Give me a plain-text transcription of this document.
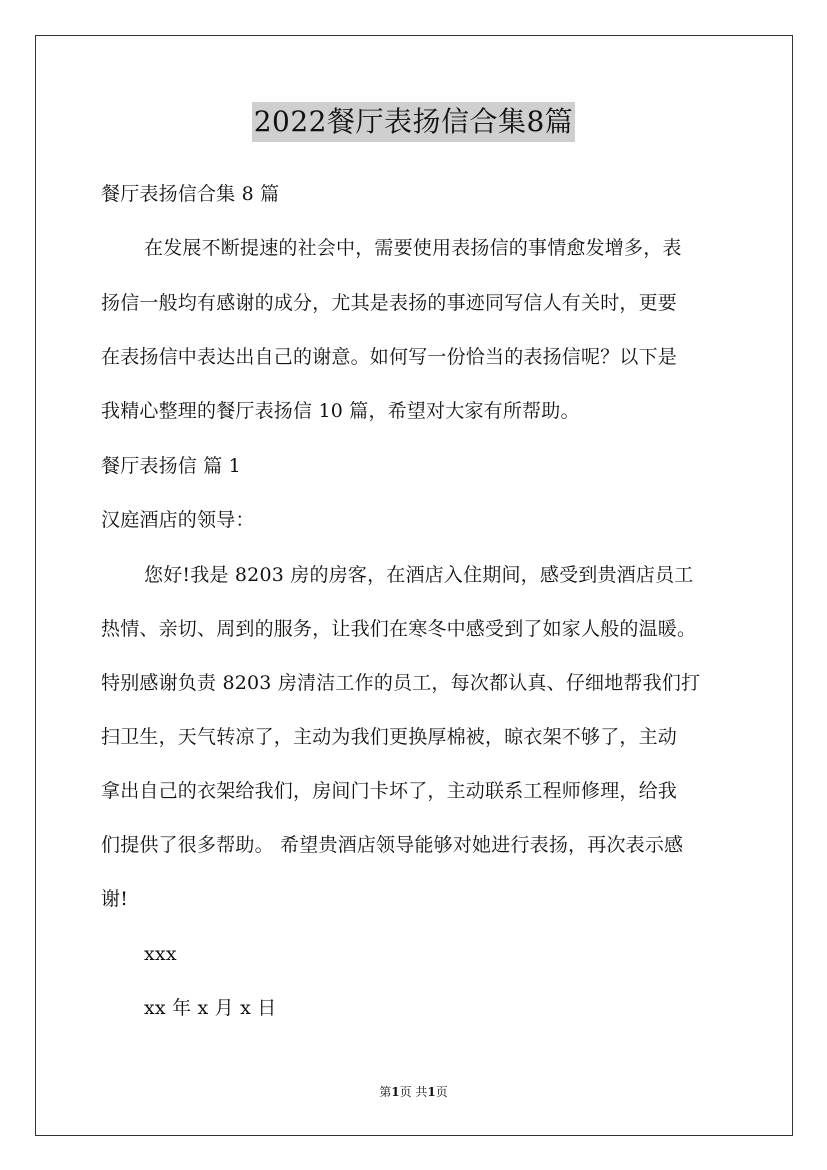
2022餐厅表扬信合集8篇
餐厅表扬信合集 8 篇
在发展不断提速的社会中，需要使用表扬信的事情愈发增多，表
扬信一般均有感谢的成分，尤其是表扬的事迹同写信人有关时，更要
在表扬信中表达出自己的谢意。如何写一份恰当的表扬信呢？以下是
我精心整理的餐厅表扬信 10 篇，希望对大家有所帮助。
餐厅表扬信 篇 1
汉庭酒店的领导：
您好!我是 8203 房的房客，在酒店入住期间，感受到贵酒店员工
热情、亲切、周到的服务，让我们在寒冬中感受到了如家人般的温暖。
特别感谢负责 8203 房清洁工作的员工，每次都认真、仔细地帮我们打
扫卫生，天气转凉了，主动为我们更换厚棉被，晾衣架不够了，主动
拿出自己的衣架给我们，房间门卡坏了，主动联系工程师修理，给我
们提供了很多帮助。 希望贵酒店领导能够对她进行表扬，再次表示感
谢!
xxx
xx 年 x 月 x 日
第1页 共1页
